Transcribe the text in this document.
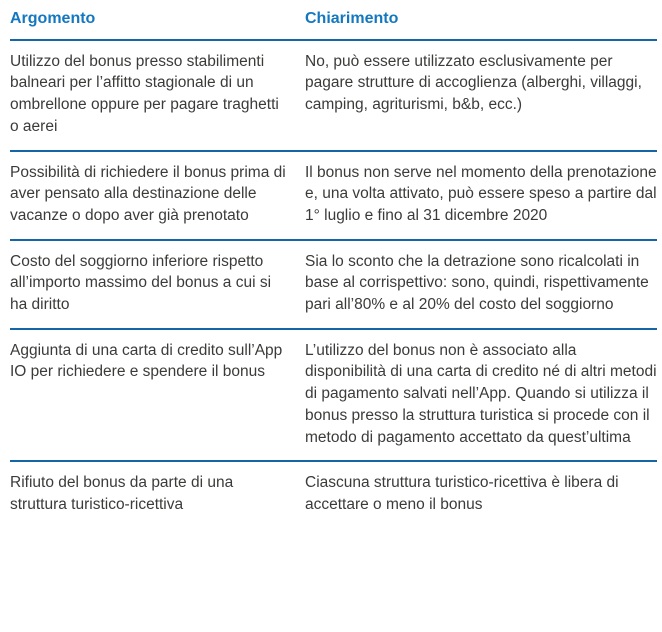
Argomento	Chiarimento
Utilizzo del bonus presso stabilimenti balneari per l’affitto stagionale di un ombrellone oppure per pagare traghetti o aerei
No, può essere utilizzato esclusivamente per pagare strutture di accoglienza (alberghi, villaggi, camping, agriturismi, b&b, ecc.)
Possibilità di richiedere il bonus prima di aver pensato alla destinazione delle vacanze o dopo aver già prenotato
Il bonus non serve nel momento della prenotazione e, una volta attivato, può essere speso a partire dal 1° luglio e fino al 31 dicembre 2020
Costo del soggiorno inferiore rispetto all’importo massimo del bonus a cui si ha diritto
Sia lo sconto che la detrazione sono ricalcolati in base al corrispettivo: sono, quindi, rispettivamente pari all’80% e al 20% del costo del soggiorno
Aggiunta di una carta di credito sull’App IO per richiedere e spendere il bonus
L’utilizzo del bonus non è associato alla disponibilità di una carta di credito né di altri metodi di pagamento salvati nell’App. Quando si utilizza il bonus presso la struttura turistica si procede con il metodo di pagamento accettato da quest’ultima
Rifiuto del bonus da parte di una struttura turistico-ricettiva
Ciascuna struttura turistico-ricettiva è libera di accettare o meno il bonus
